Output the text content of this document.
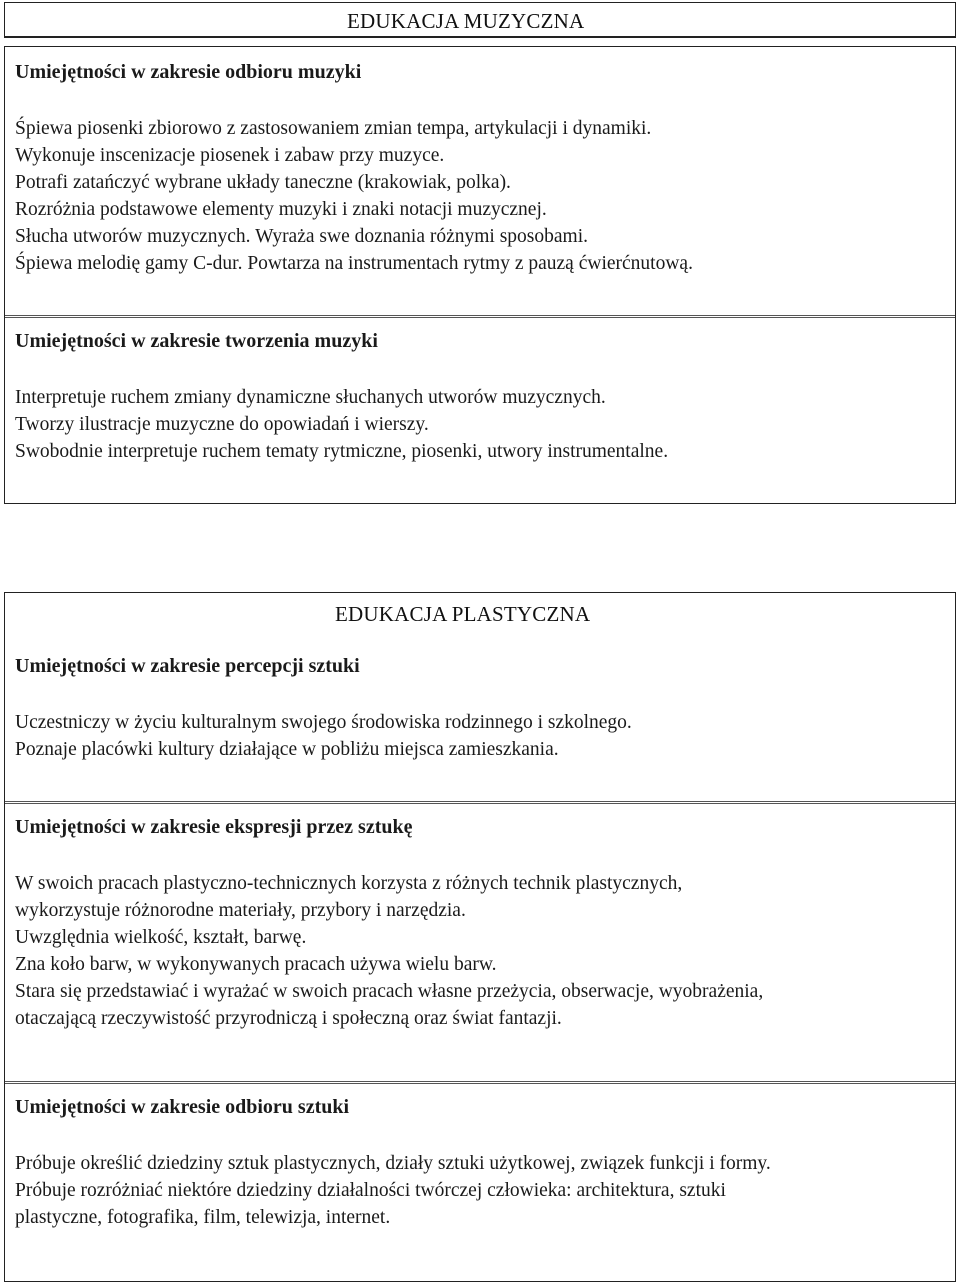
EDUKACJA MUZYCZNA
Umiejętności w zakresie odbioru muzyki
Śpiewa piosenki zbiorowo z zastosowaniem zmian tempa, artykulacji i dynamiki.
Wykonuje inscenizacje piosenek i zabaw przy muzyce.
Potrafi zatańczyć wybrane układy taneczne (krakowiak, polka).
Rozróżnia podstawowe elementy muzyki i znaki notacji muzycznej.
Słucha utworów muzycznych. Wyraża swe doznania różnymi sposobami.
Śpiewa melodię gamy C-dur. Powtarza na instrumentach rytmy z pauzą ćwierćnutową.
Umiejętności w zakresie tworzenia muzyki
Interpretuje ruchem zmiany dynamiczne słuchanych utworów muzycznych.
Tworzy ilustracje muzyczne do opowiadań i wierszy.
Swobodnie interpretuje ruchem tematy rytmiczne, piosenki, utwory instrumentalne.
EDUKACJA PLASTYCZNA
Umiejętności w zakresie percepcji sztuki
Uczestniczy w życiu kulturalnym swojego środowiska rodzinnego i szkolnego.
Poznaje placówki kultury działające w pobliżu miejsca zamieszkania.
Umiejętności w zakresie ekspresji przez sztukę
W swoich pracach plastyczno-technicznych korzysta z różnych technik plastycznych,
wykorzystuje różnorodne materiały, przybory i narzędzia.
Uwzględnia wielkość, kształt, barwę.
Zna koło barw, w wykonywanych pracach używa wielu barw.
Stara się przedstawiać i wyrażać w swoich pracach własne przeżycia, obserwacje, wyobrażenia,
otaczającą rzeczywistość przyrodniczą i społeczną oraz świat fantazji.
Umiejętności w zakresie odbioru sztuki
Próbuje określić dziedziny sztuk plastycznych, działy sztuki użytkowej, związek funkcji i formy.
Próbuje rozróżniać niektóre dziedziny działalności twórczej człowieka: architektura, sztuki
plastyczne, fotografika, film, telewizja, internet.
